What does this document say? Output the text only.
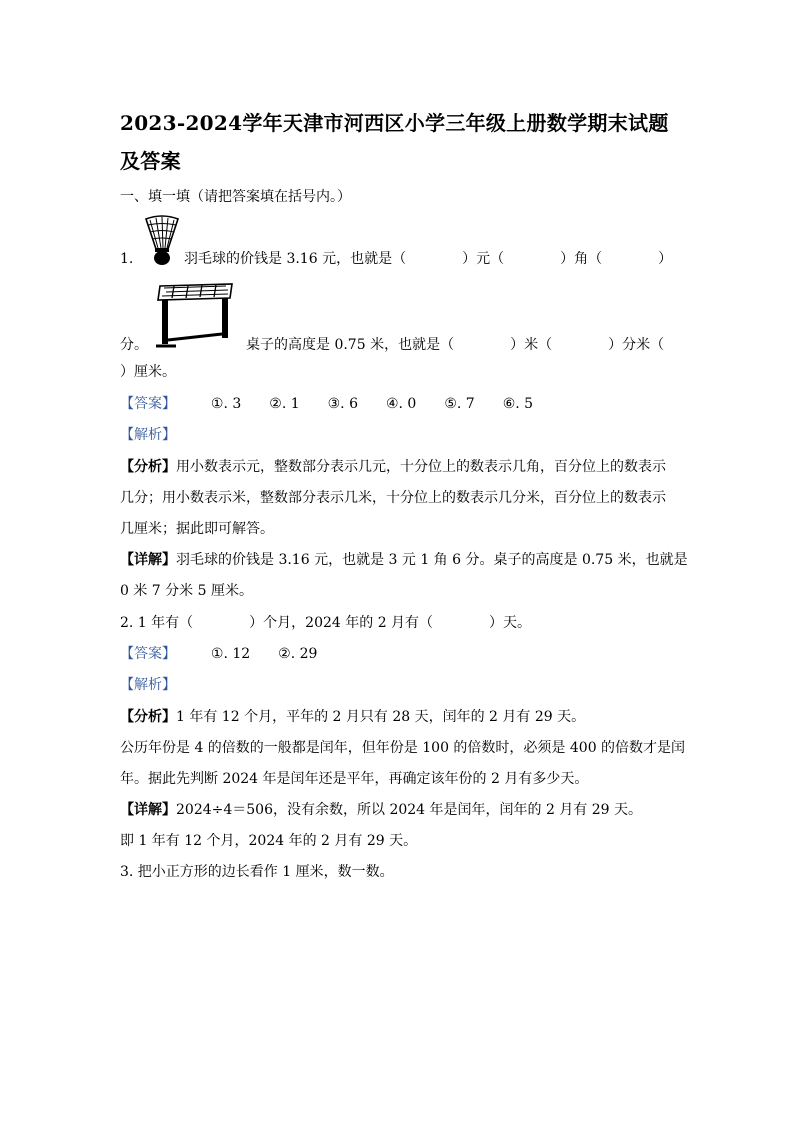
2023-2024学年天津市河西区小学三年级上册数学期末试题及答案
一、填一填（请把答案填在括号内。）
1.	羽毛球的价钱是 3.16 元，也就是（　　　　）元（　　　　）角（　　　　）
分。	桌子的高度是 0.75 米，也就是（　　　　）米（　　　　）分米（
）厘米。
【答案】 ①. 3　　②. 1　　③. 6　　④. 0　　⑤. 7　　⑥. 5
【解析】
【分析】用小数表示元，整数部分表示几元，十分位上的数表示几角，百分位上的数表示
几分；用小数表示米，整数部分表示几米，十分位上的数表示几分米，百分位上的数表示
几厘米；据此即可解答。
【详解】羽毛球的价钱是 3.16 元，也就是 3 元 1 角 6 分。桌子的高度是 0.75 米，也就是
0 米 7 分米 5 厘米。
2. 1 年有（　　　　）个月，2024 年的 2 月有（　　　　）天。
【答案】 ①. 12　　②. 29
【解析】
【分析】1 年有 12 个月，平年的 2 月只有 28 天，闰年的 2 月有 29 天。
公历年份是 4 的倍数的一般都是闰年，但年份是 100 的倍数时，必须是 400 的倍数才是闰
年。据此先判断 2024 年是闰年还是平年，再确定该年份的 2 月有多少天。
【详解】2024÷4＝506，没有余数，所以 2024 年是闰年，闰年的 2 月有 29 天。
即 1 年有 12 个月，2024 年的 2 月有 29 天。
3. 把小正方形的边长看作 1 厘米，数一数。
